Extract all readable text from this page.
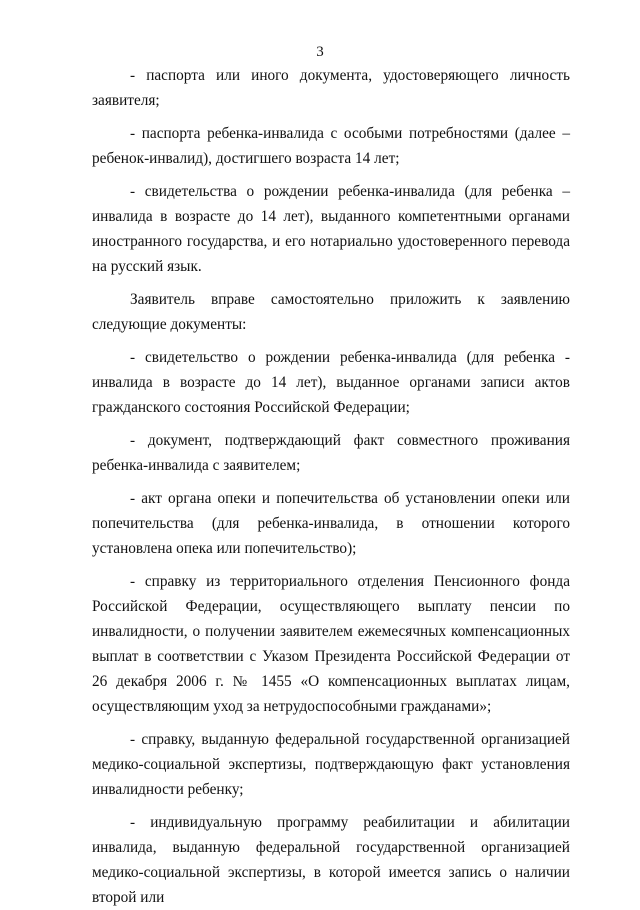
3

- паспорта или иного документа, удостоверяющего личность заявителя;

- паспорта ребенка-инвалида с особыми потребностями (далее – ребенок-инвалид), достигшего возраста 14 лет;

- свидетельства о рождении ребенка-инвалида (для ребенка – инвалида в возрасте до 14 лет), выданного компетентными органами иностранного государства, и его нотариально удостоверенного перевода на русский язык.

Заявитель вправе самостоятельно приложить к заявлению следующие документы:

- свидетельство о рождении ребенка-инвалида (для ребенка - инвалида в возрасте до 14 лет), выданное органами записи актов гражданского состояния Российской Федерации;

- документ, подтверждающий факт совместного проживания ребенка-инвалида с заявителем;

- акт органа опеки и попечительства об установлении опеки или попечительства (для ребенка-инвалида, в отношении которого установлена опека или попечительство);

- справку из территориального отделения Пенсионного фонда Российской Федерации, осуществляющего выплату пенсии по инвалидности, о получении заявителем ежемесячных компенсационных выплат в соответствии с Указом Президента Российской Федерации от 26 декабря 2006 г. № 1455 «О компенсационных выплатах лицам, осуществляющим уход за нетрудоспособными гражданами»;

- справку, выданную федеральной государственной организацией медико-социальной экспертизы, подтверждающую факт установления инвалидности ребенку;

- индивидуальную программу реабилитации и абилитации инвалида, выданную федеральной государственной организацией медико-социальной экспертизы, в которой имеется запись о наличии второй или
